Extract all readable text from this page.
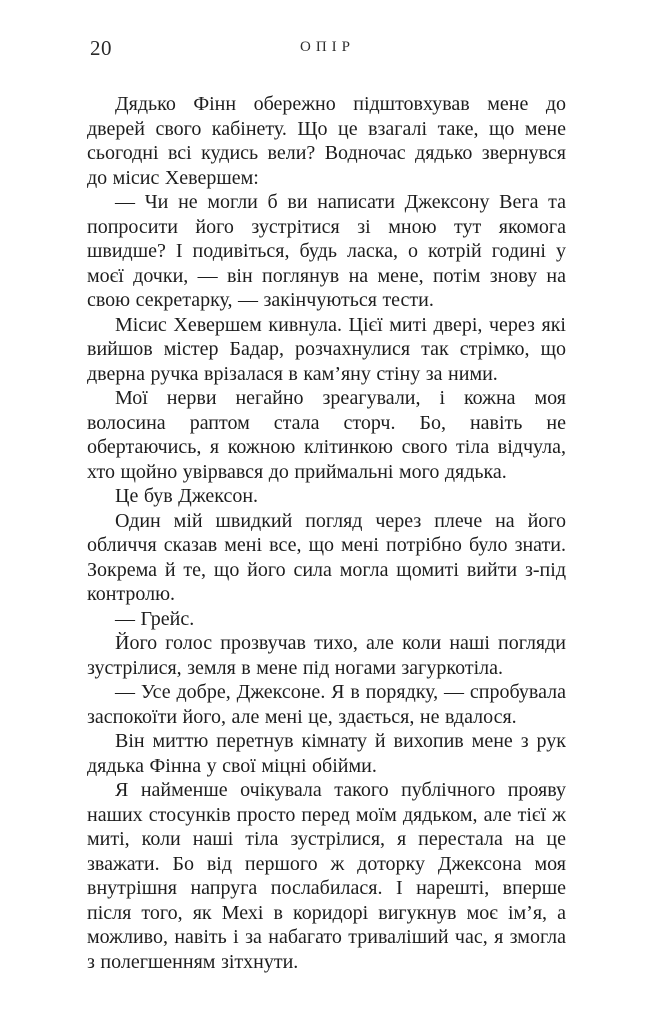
20	ОПІР

Дядько Фінн обережно підштовхував мене до дверей свого кабінету. Що це взагалі таке, що мене сьогодні всі кудись вели? Водночас дядько звернувся до місис Хевершем:

— Чи не могли б ви написати Джексону Вега та попросити його зустрітися зі мною тут якомога швидше? І подивіться, будь ласка, о котрій годині у моєї дочки, — він поглянув на мене, потім знову на свою секретарку, — закінчуються тести.

Місис Хевершем кивнула. Цієї миті двері, через які вийшов містер Бадар, розчахнулися так стрімко, що дверна ручка врізалася в кам’яну стіну за ними.

Мої нерви негайно зреагували, і кожна моя волосина раптом стала сторч. Бо, навіть не обертаючись, я кожною клітинкою свого тіла відчула, хто щойно увірвався до приймальні мого дядька.

Це був Джексон.

Один мій швидкий погляд через плече на його обличчя сказав мені все, що мені потрібно було знати. Зокрема й те, що його сила могла щомиті вийти з-під контролю.

— Грейс.

Його голос прозвучав тихо, але коли наші погляди зустрілися, земля в мене під ногами загуркотіла.

— Усе добре, Джексоне. Я в порядку, — спробувала заспокоїти його, але мені це, здається, не вдалося.

Він миттю перетнув кімнату й вихопив мене з рук дядька Фінна у свої міцні обійми.

Я найменше очікувала такого публічного прояву наших стосунків просто перед моїм дядьком, але тієї ж миті, коли наші тіла зустрілися, я перестала на це зважати. Бо від першого ж доторку Джексона моя внутрішня напруга послабилася. І нарешті, вперше після того, як Мехі в коридорі вигукнув моє ім’я, а можливо, навіть і за набагато триваліший час, я змогла з полегшенням зітхнути.
